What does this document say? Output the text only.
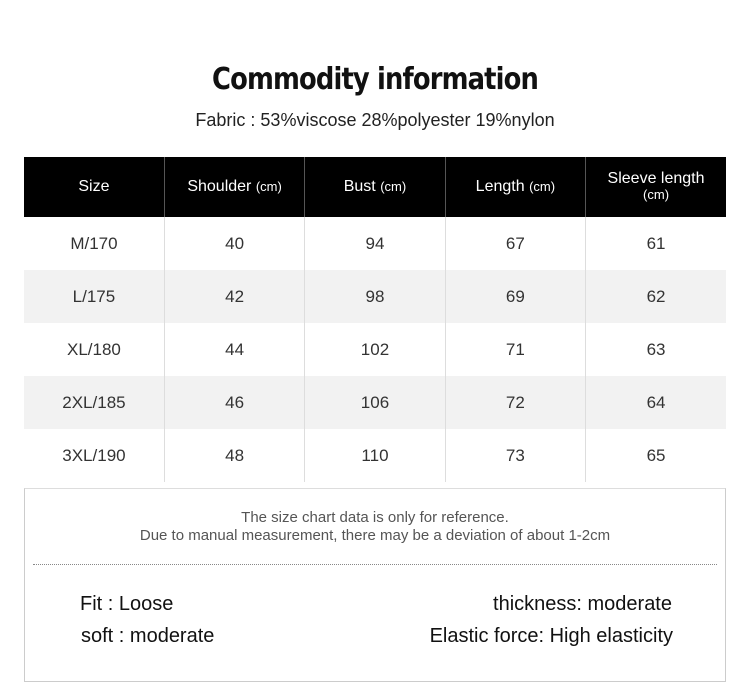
Commodity information
Fabric : 53%viscose 28%polyester 19%nylon
Size	Shoulder (cm)	Bust (cm)	Length (cm)	Sleeve length
(cm)

M/170	40	94	67	61
L/175	42	98	69	62
XL/180	44	102	71	63
2XL/185	46	106	72	64
3XL/190	48	110	73	65
The size chart data is only for reference.
Due to manual measurement, there may be a deviation of about 1-2cm
Fit : Loose	thickness: moderate
soft : moderate	Elastic force: High elasticity
